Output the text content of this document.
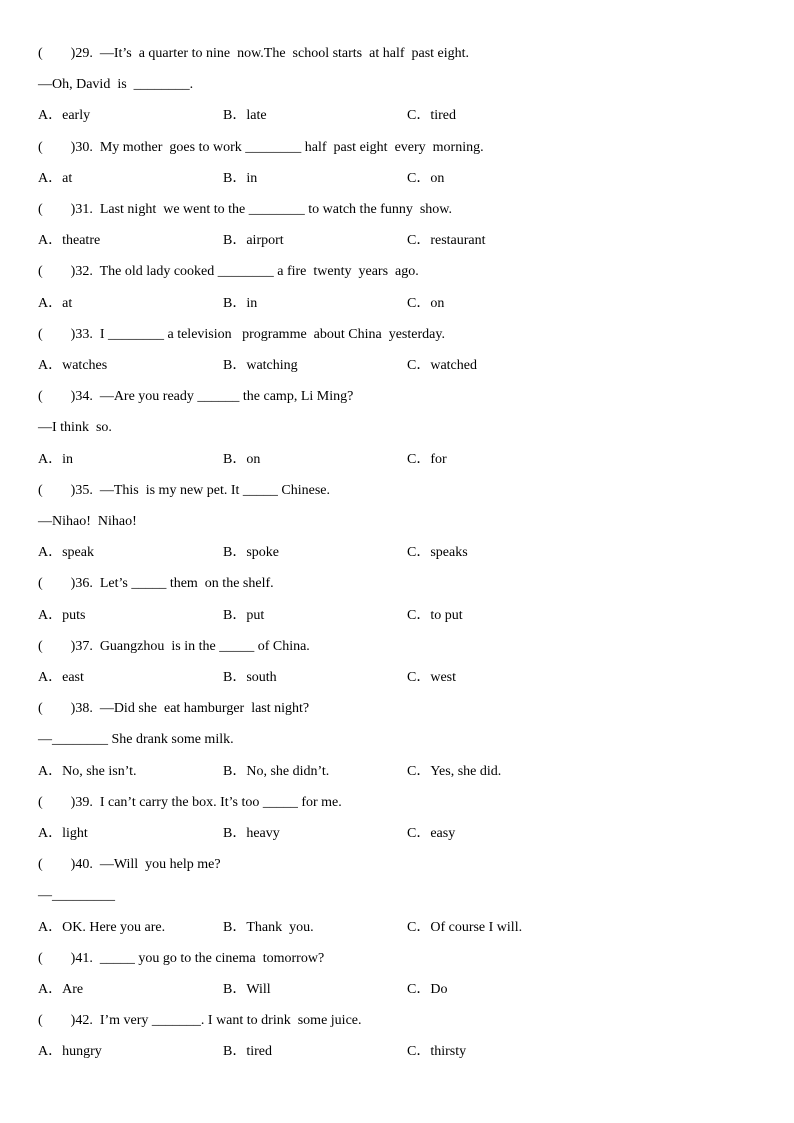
(        )29.  —It’s  a quarter to nine  now.The  school starts  at half  past eight.
—Oh, David  is  ________.
A．early	B．late	C．tired
(        )30.  My mother  goes to work ________ half  past eight  every  morning.
A．at	B．in	C．on
(        )31.  Last night  we went to the ________ to watch the funny  show.
A．theatre	B．airport	C．restaurant
(        )32.  The old lady cooked ________ a fire  twenty  years  ago.
A．at	B．in	C．on
(        )33.  I ________ a television   programme  about China  yesterday.
A．watches	B．watching	C．watched
(        )34.  —Are you ready ______ the camp, Li Ming?
—I think  so.
A．in	B．on	C．for
(        )35.  —This  is my new pet. It _____ Chinese.
—Nihao!  Nihao!
A．speak	B．spoke	C．speaks
(        )36.  Let’s _____ them  on the shelf.
A．puts	B．put	C．to put
(        )37.  Guangzhou  is in the _____ of China.
A．east	B．south	C．west
(        )38.  —Did she  eat hamburger  last night?
—________ She drank some milk.
A．No, she isn’t.	B．No, she didn’t.	C．Yes, she did.
(        )39.  I can’t carry the box. It’s too _____ for me.
A．light	B．heavy	C．easy
(        )40.  —Will  you help me?
—_________
A．OK. Here you are.	B．Thank  you.	C．Of course I will.
(        )41.  _____ you go to the cinema  tomorrow?
A．Are	B．Will	C．Do
(        )42.  I’m very _______. I want to drink  some juice.
A．hungry	B．tired	C．thirsty
